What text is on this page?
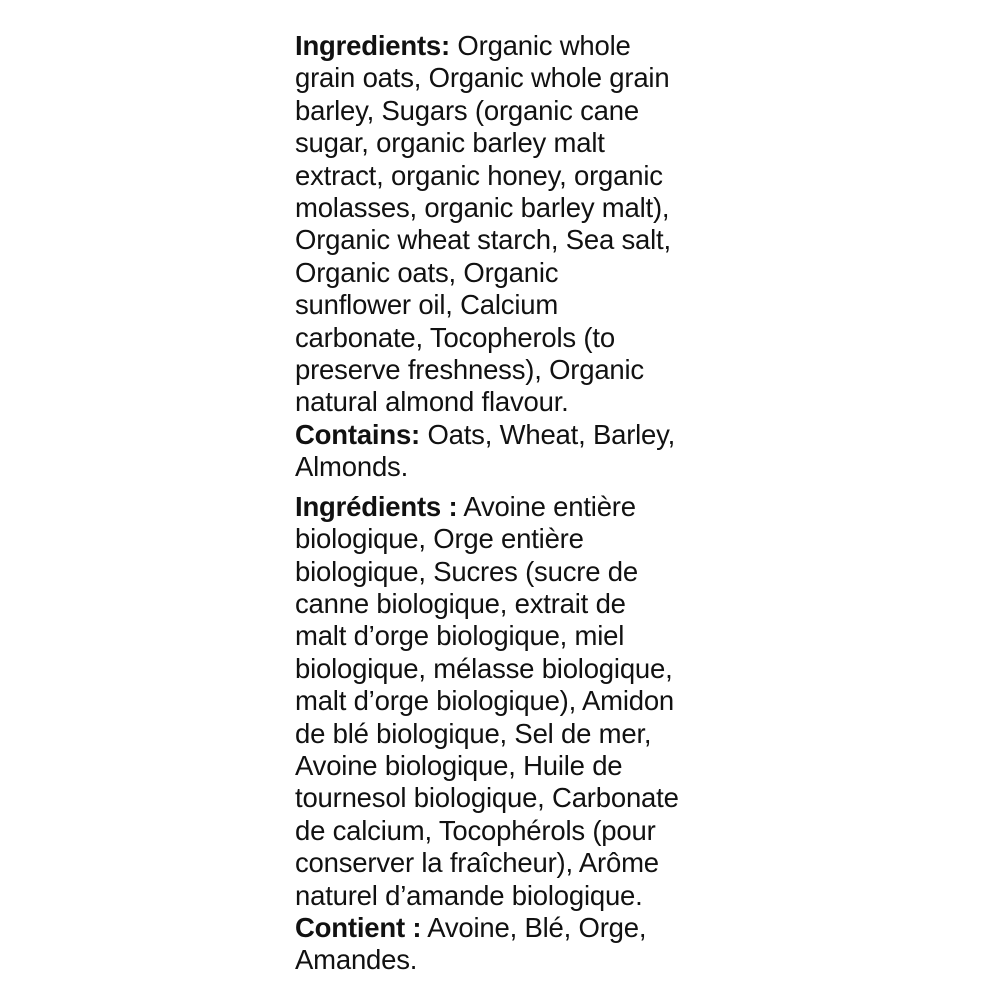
Ingredients: Organic whole
grain oats, Organic whole grain
barley, Sugars (organic cane
sugar, organic barley malt
extract, organic honey, organic
molasses, organic barley malt),
Organic wheat starch, Sea salt,
Organic oats, Organic
sunflower oil, Calcium
carbonate, Tocopherols (to
preserve freshness), Organic
natural almond flavour.
Contains: Oats, Wheat, Barley,
Almonds.
Ingrédients : Avoine entière
biologique, Orge entière
biologique, Sucres (sucre de
canne biologique, extrait de
malt d’orge biologique, miel
biologique, mélasse biologique,
malt d’orge biologique), Amidon
de blé biologique, Sel de mer,
Avoine biologique, Huile de
tournesol biologique, Carbonate
de calcium, Tocophérols (pour
conserver la fraîcheur), Arôme
naturel d’amande biologique.
Contient : Avoine, Blé, Orge,
Amandes.
